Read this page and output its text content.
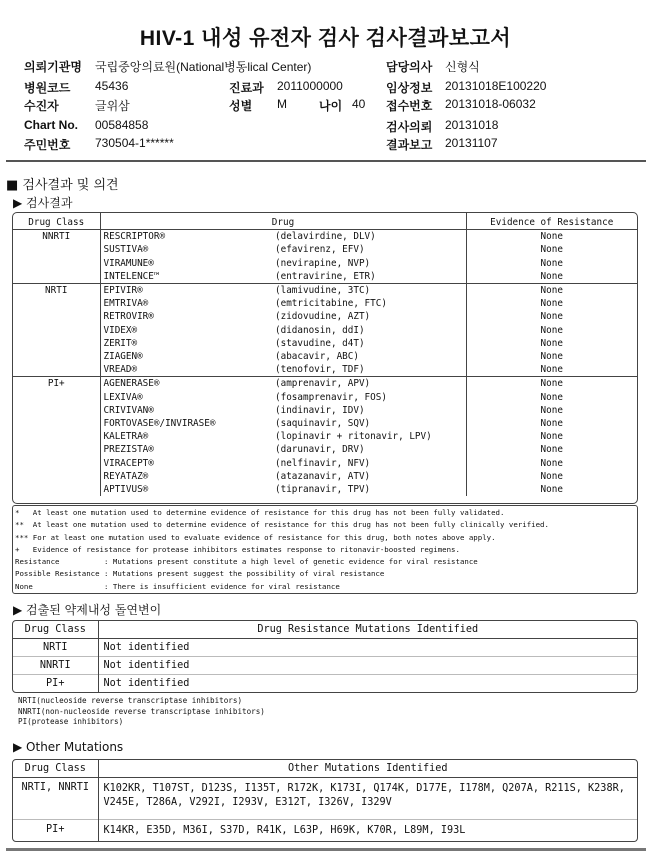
HIV-1 내성 유전자 검사 검사결과보고서
의뢰기관명 국립중앙의료원(National병동lical Center)
병원코드 45436	진료과 2011000000
수진자	글위삼	성별 M	나이 40
Chart No. 00584858
주민번호 730504-1******
담당의사 신형식
임상정보 20131018E100220
접수번호 20131018-06032
검사의뢰 20131018
결과보고 20131107
■ 검사결과 및 의견
▶ 검사결과
Drug Class	Drug		Evidence of Resistance
NNRTI	RESCRIPTOR®	(delavirdine, DLV)	None
	SUSTIVA®	(efavirenz, EFV)	None
	VIRAMUNE®	(nevirapine, NVP)	None
	INTELENCE™	(entravirine, ETR)	None
NRTI	EPIVIR®	(lamivudine, 3TC)	None
	EMTRIVA®	(emtricitabine, FTC)	None
	RETROVIR®	(zidovudine, AZT)	None
	VIDEX®	(didanosin, ddI)	None
	ZERIT®	(stavudine, d4T)	None
	ZIAGEN®	(abacavir, ABC)	None
	VREAD®	(tenofovir, TDF)	None
PI+	AGENERASE®	(amprenavir, APV)	None
	LEXIVA®	(fosamprenavir, FOS)	None
	CRIVIVAN®	(indinavir, IDV)	None
	FORTOVASE®/INVIRASE®	(saquinavir, SQV)	None
	KALETRA®	(lopinavir + ritonavir, LPV)	None
	PREZISTA®	(darunavir, DRV)	None
	VIRACEPT®	(nelfinavir, NFV)	None
	REYATAZ®	(atazanavir, ATV)	None
	APTIVUS®	(tipranavir, TPV)	None
*   At least one mutation used to determine evidence of resistance for this drug has not been fully validated.
**  At least one mutation used to determine evidence of resistance for this drug has not been fully clinically verified.
*** For at least one mutation used to evaluate evidence of resistance for this drug, both notes above apply.
+   Evidence of resistance for protease inhibitors estimates response to ritonavir-boosted regimens.
Resistance          : Mutations present constitute a high level of genetic evidence for viral resistance
Possible Resistance : Mutations present suggest the possibility of viral resistance
None                : There is insufficient evidence for viral resistance
▶ 검출된 약제내성 돌연변이
Drug Class	Drug Resistance Mutations Identified
NRTI	Not identified
NNRTI	Not identified
PI+	Not identified
NRTI(nucleoside reverse transcriptase inhibitors)
NNRTI(non-nucleoside reverse transcriptase inhibitors)
PI(protease inhibitors)
▶ Other Mutations
Drug Class	Other Mutations Identified
NRTI, NNRTI	K102KR, T107ST, D123S, I135T, R172K, K173I, Q174K, D177E, I178M, Q207A, R211S, K238R,
V245E, T286A, V292I, I293V, E312T, I326V, I329V

PI+	K14KR, E35D, M36I, S37D, R41K, L63P, H69K, K70R, L89M, I93L
